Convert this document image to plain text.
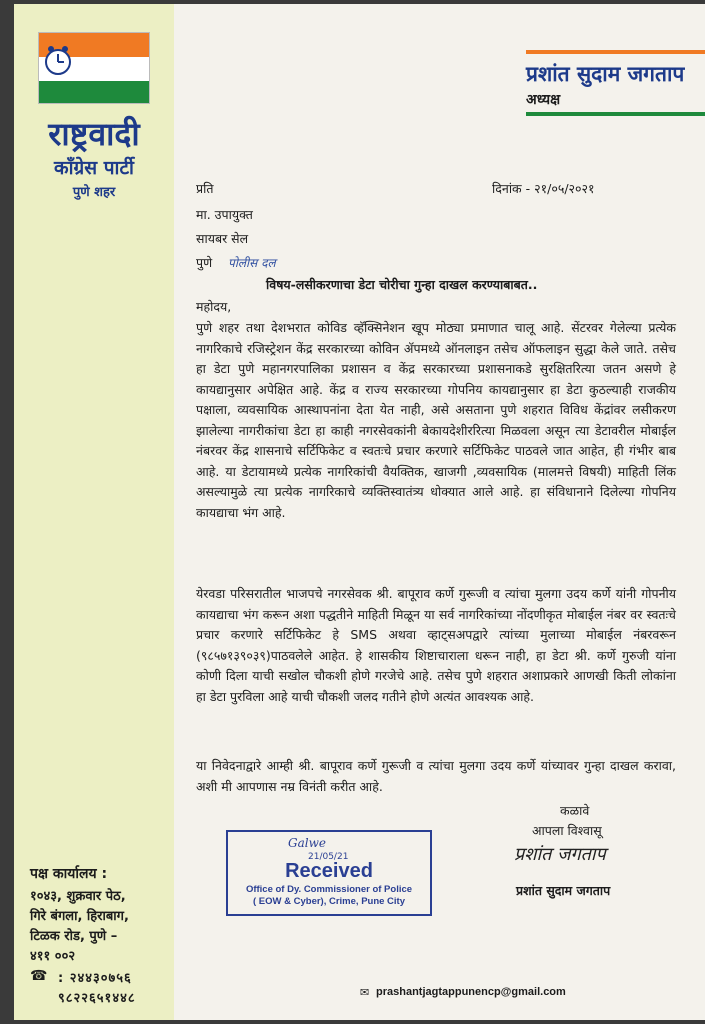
राष्ट्रवादी
काँग्रेस पार्टी
पुणे शहर
पक्ष कार्यालय :
१०४३, शुक्रवार पेठ,
गिरे बंगला, हिराबाग,
टिळक रोड, पुणे –
४११ ००२
☎ : २४४३०७५६
९८२२६५१४४८
प्रशांत सुदाम जगताप
अध्यक्ष
प्रति	दिनांक - २१/०५/२०२१
मा. उपायुक्त
सायबर सेल
पुणे पोलीस दल
विषय-लसीकरणाचा डेटा चोरीचा गुन्हा दाखल करण्याबाबत..
महोदय,
पुणे शहर तथा देशभरात कोविड व्हॅक्सिनेशन खूप मोठ्या प्रमाणात चालू आहे. सेंटरवर गेलेल्या प्रत्येक नागरिकाचे रजिस्ट्रेशन केंद्र सरकारच्या कोविन ॲपमध्ये ऑनलाइन तसेच ऑफलाइन सुद्धा केले जाते. तसेच हा डेटा पुणे महानगरपालिका प्रशासन व केंद्र सरकारच्या प्रशासनाकडे सुरक्षितरित्या जतन असणे हे कायद्यानुसार अपेक्षित आहे. केंद्र व राज्य सरकारच्या गोपनिय कायद्यानुसार हा डेटा कुठल्याही राजकीय पक्षाला, व्यवसायिक आस्थापनांना देता येत नाही, असे असताना पुणे शहरात विविध केंद्रांवर लसीकरण झालेल्या नागरीकांचा डेटा हा काही नगरसेवकांनी बेकायदेशीररित्या मिळवला असून त्या डेटावरील मोबाईल नंबरवर केंद्र शासनाचे सर्टिफिकेट व स्वतःचे प्रचार करणारे सर्टिफिकेट पाठवले जात आहेत, ही गंभीर बाब आहे. या डेटायामध्ये प्रत्येक नागरिकांची वैयक्तिक, खाजगी ,व्यवसायिक (मालमत्ते विषयी) माहिती लिंक असल्यामुळे त्या प्रत्येक नागरिकाचे व्यक्तिस्वातंत्र्य धोक्यात आले आहे. हा संविधानाने दिलेल्या गोपनिय कायद्याचा भंग आहे.
येरवडा परिसरातील भाजपचे नगरसेवक श्री. बापूराव कर्णे गुरूजी व त्यांचा मुलगा उदय कर्णे यांनी गोपनीय कायद्याचा भंग करून अशा पद्धतीने माहिती मिळून या सर्व नागरिकांच्या नोंदणीकृत मोबाईल नंबर वर स्वतःचे प्रचार करणारे सर्टिफिकेट हे SMS अथवा व्हाट्सअपद्वारे त्यांच्या मुलाच्या मोबाईल नंबरवरून (९८५७१३९०३९)पाठवलेले आहेत. हे शासकीय शिष्टाचाराला धरून नाही, हा डेटा श्री. कर्णे गुरुजी यांना कोणी दिला याची सखोल चौकशी होणे गरजेचे आहे. तसेच पुणे शहरात अशाप्रकारे आणखी किती लोकांना हा डेटा पुरविला आहे याची चौकशी जलद गतीने होणे अत्यंत आवश्यक आहे.
या निवेदनाद्वारे आम्ही श्री. बापूराव कर्णे गुरूजी व त्यांचा मुलगा उदय कर्णे यांच्यावर गुन्हा दाखल करावा, अशी मी आपणास नम्र विनंती करीत आहे.
कळावे
आपला विश्वासू
Galwe
21/05/21
Received
Office of Dy. Commissioner of Police
( EOW & Cyber), Crime, Pune City
प्रशांत जगताप
प्रशांत सुदाम जगताप
✉ prashantjagtappunencp@gmail.com
